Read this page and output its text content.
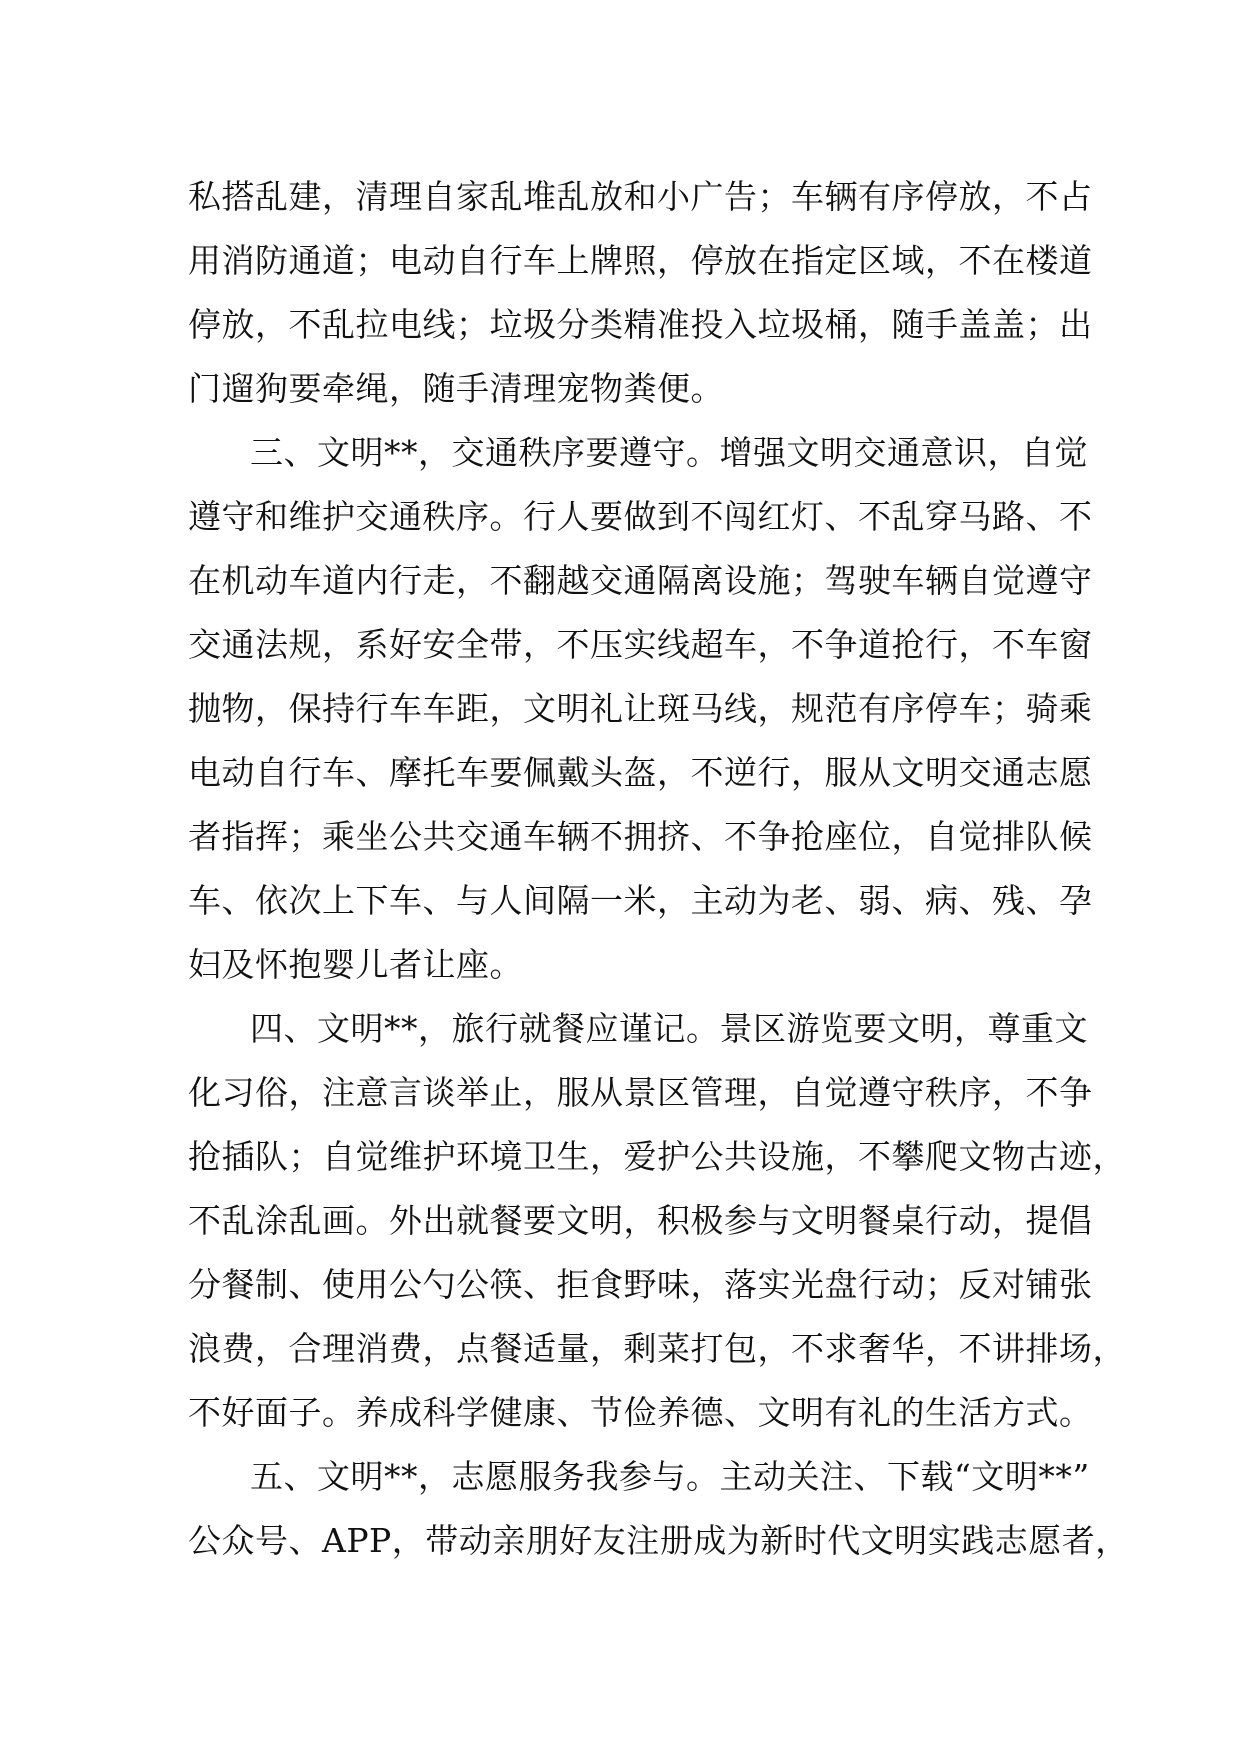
私搭乱建，清理自家乱堆乱放和小广告；车辆有序停放，不占
用消防通道；电动自行车上牌照，停放在指定区域，不在楼道
停放，不乱拉电线；垃圾分类精准投入垃圾桶，随手盖盖；出
门遛狗要牵绳，随手清理宠物粪便。
三、文明**，交通秩序要遵守。增强文明交通意识，自觉
遵守和维护交通秩序。行人要做到不闯红灯、不乱穿马路、不
在机动车道内行走，不翻越交通隔离设施；驾驶车辆自觉遵守
交通法规，系好安全带，不压实线超车，不争道抢行，不车窗
抛物，保持行车车距，文明礼让斑马线，规范有序停车；骑乘
电动自行车、摩托车要佩戴头盔，不逆行，服从文明交通志愿
者指挥；乘坐公共交通车辆不拥挤、不争抢座位，自觉排队候
车、依次上下车、与人间隔一米，主动为老、弱、病、残、孕
妇及怀抱婴儿者让座。
四、文明**，旅行就餐应谨记。景区游览要文明，尊重文
化习俗，注意言谈举止，服从景区管理，自觉遵守秩序，不争
抢插队；自觉维护环境卫生，爱护公共设施，不攀爬文物古迹，
不乱涂乱画。外出就餐要文明，积极参与文明餐桌行动，提倡
分餐制、使用公勺公筷、拒食野味，落实光盘行动；反对铺张
浪费，合理消费，点餐适量，剩菜打包，不求奢华，不讲排场，
不好面子。养成科学健康、节俭养德、文明有礼的生活方式。
五、文明**，志愿服务我参与。主动关注、下载“文明**”
公众号、APP，带动亲朋好友注册成为新时代文明实践志愿者，
